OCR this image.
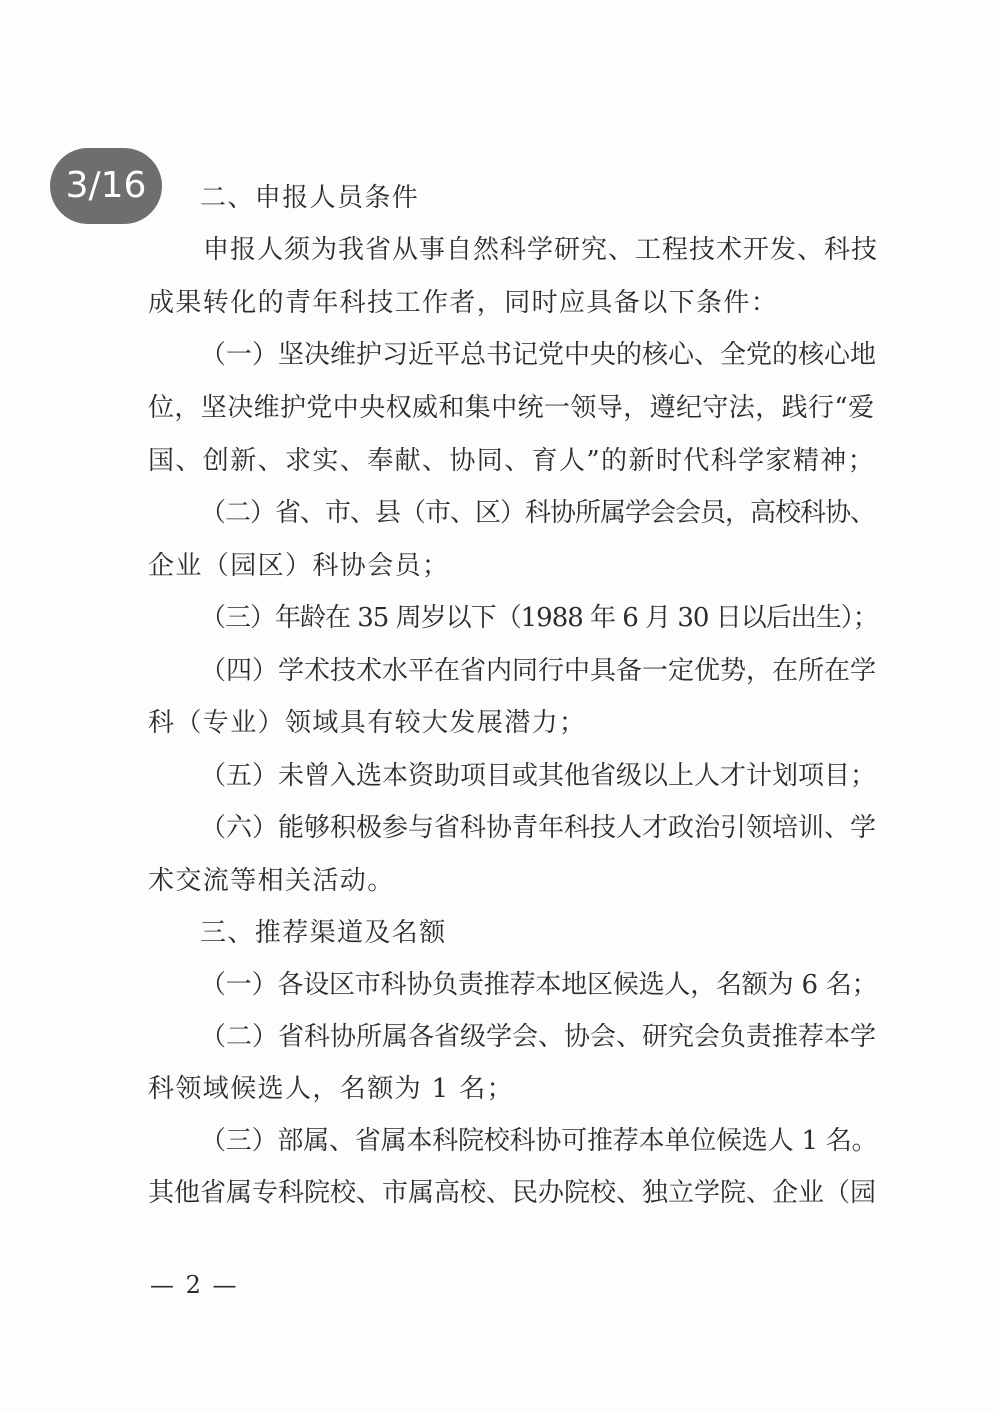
3/16	二、申报人员条件
申报人须为我省从事自然科学研究、工程技术开发、科技
成果转化的青年科技工作者，同时应具备以下条件：
（一）坚决维护习近平总书记党中央的核心、全党的核心地
位，坚决维护党中央权威和集中统一领导，遵纪守法，践行“爱
国、创新、求实、奉献、协同、育人”的新时代科学家精神；
（二）省、市、县（市、区）科协所属学会会员，高校科协、
企业（园区）科协会员；
（三）年龄在 35 周岁以下（1988 年 6 月 30 日以后出生）；
（四）学术技术水平在省内同行中具备一定优势，在所在学
科（专业）领域具有较大发展潜力；
（五）未曾入选本资助项目或其他省级以上人才计划项目；
（六）能够积极参与省科协青年科技人才政治引领培训、学
术交流等相关活动。
三、推荐渠道及名额
（一）各设区市科协负责推荐本地区候选人，名额为 6 名；
（二）省科协所属各省级学会、协会、研究会负责推荐本学
科领域候选人，名额为 1 名；
（三）部属、省属本科院校科协可推荐本单位候选人 1 名。
其他省属专科院校、市属高校、民办院校、独立学院、企业（园
— 2 —
